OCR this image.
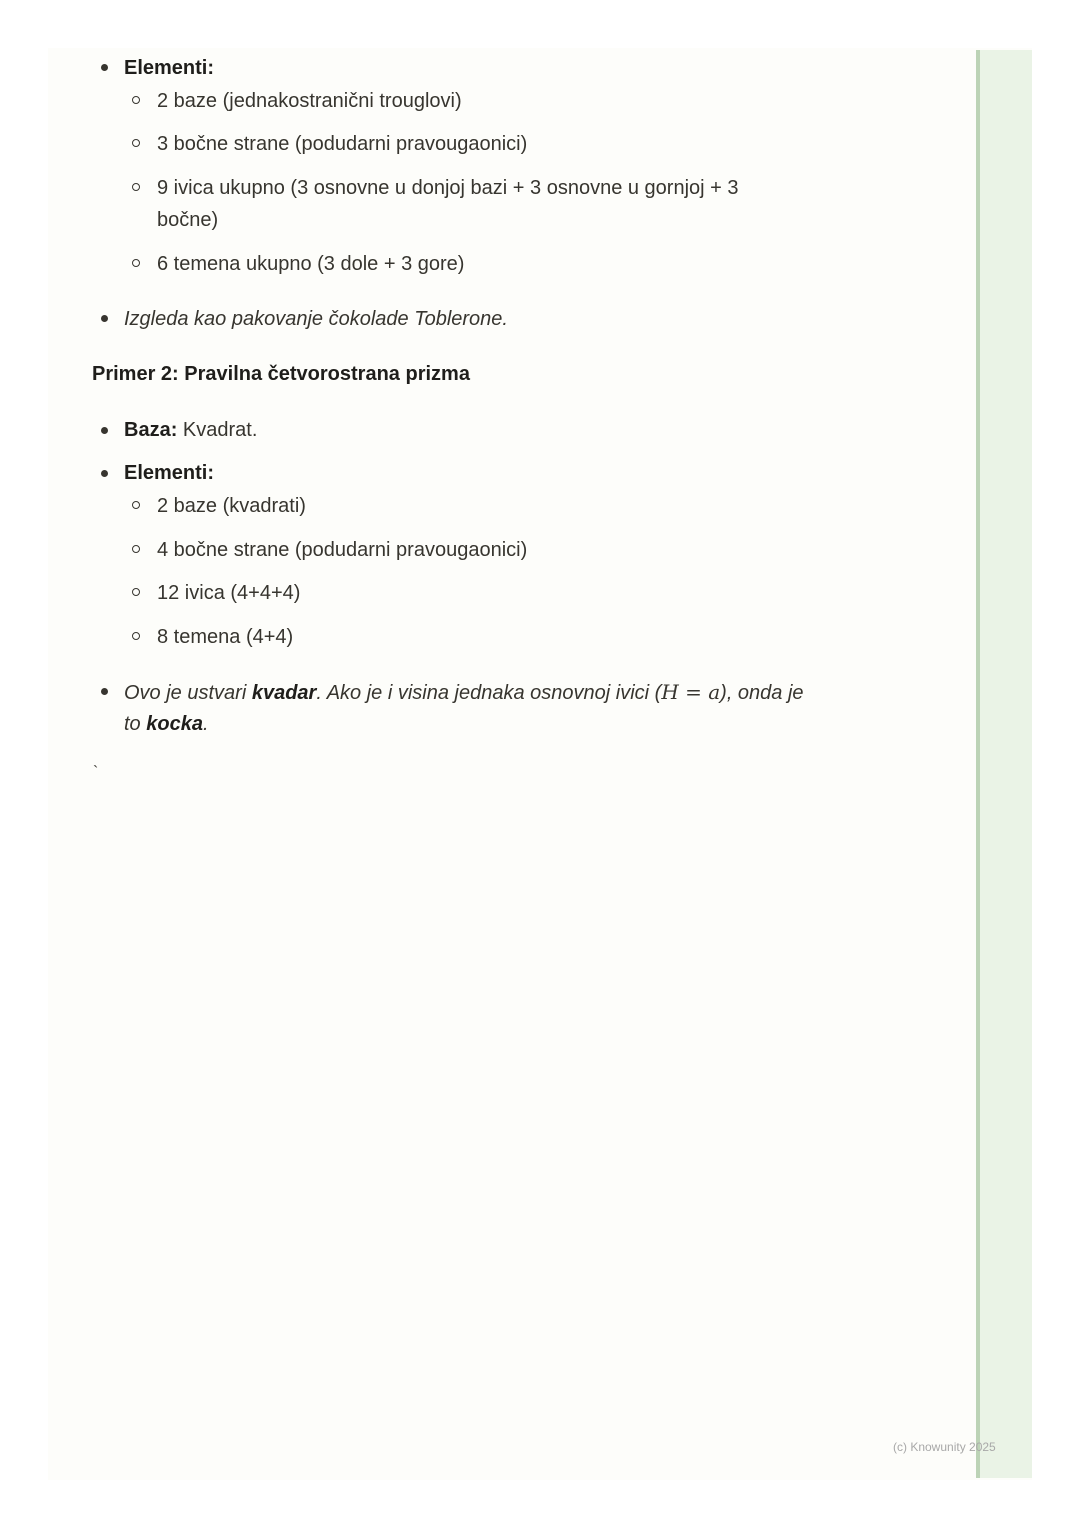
Elementi:
2 baze (jednakostranični trouglovi)
3 bočne strane (podudarni pravougaonici)
9 ivica ukupno (3 osnovne u donjoj bazi + 3 osnovne u gornjoj + 3
bočne)
6 temena ukupno (3 dole + 3 gore)
Izgleda kao pakovanje čokolade Toblerone.
Primer 2: Pravilna četvorostrana prizma
Baza: Kvadrat.
Elementi:
2 baze (kvadrati)
4 bočne strane (podudarni pravougaonici)
12 ivica (4+4+4)
8 temena (4+4)
Ovo je ustvari kvadar. Ako je i visina jednaka osnovnoj ivici (H = a), onda je
to kocka.
`
(c) Knowunity 2025
